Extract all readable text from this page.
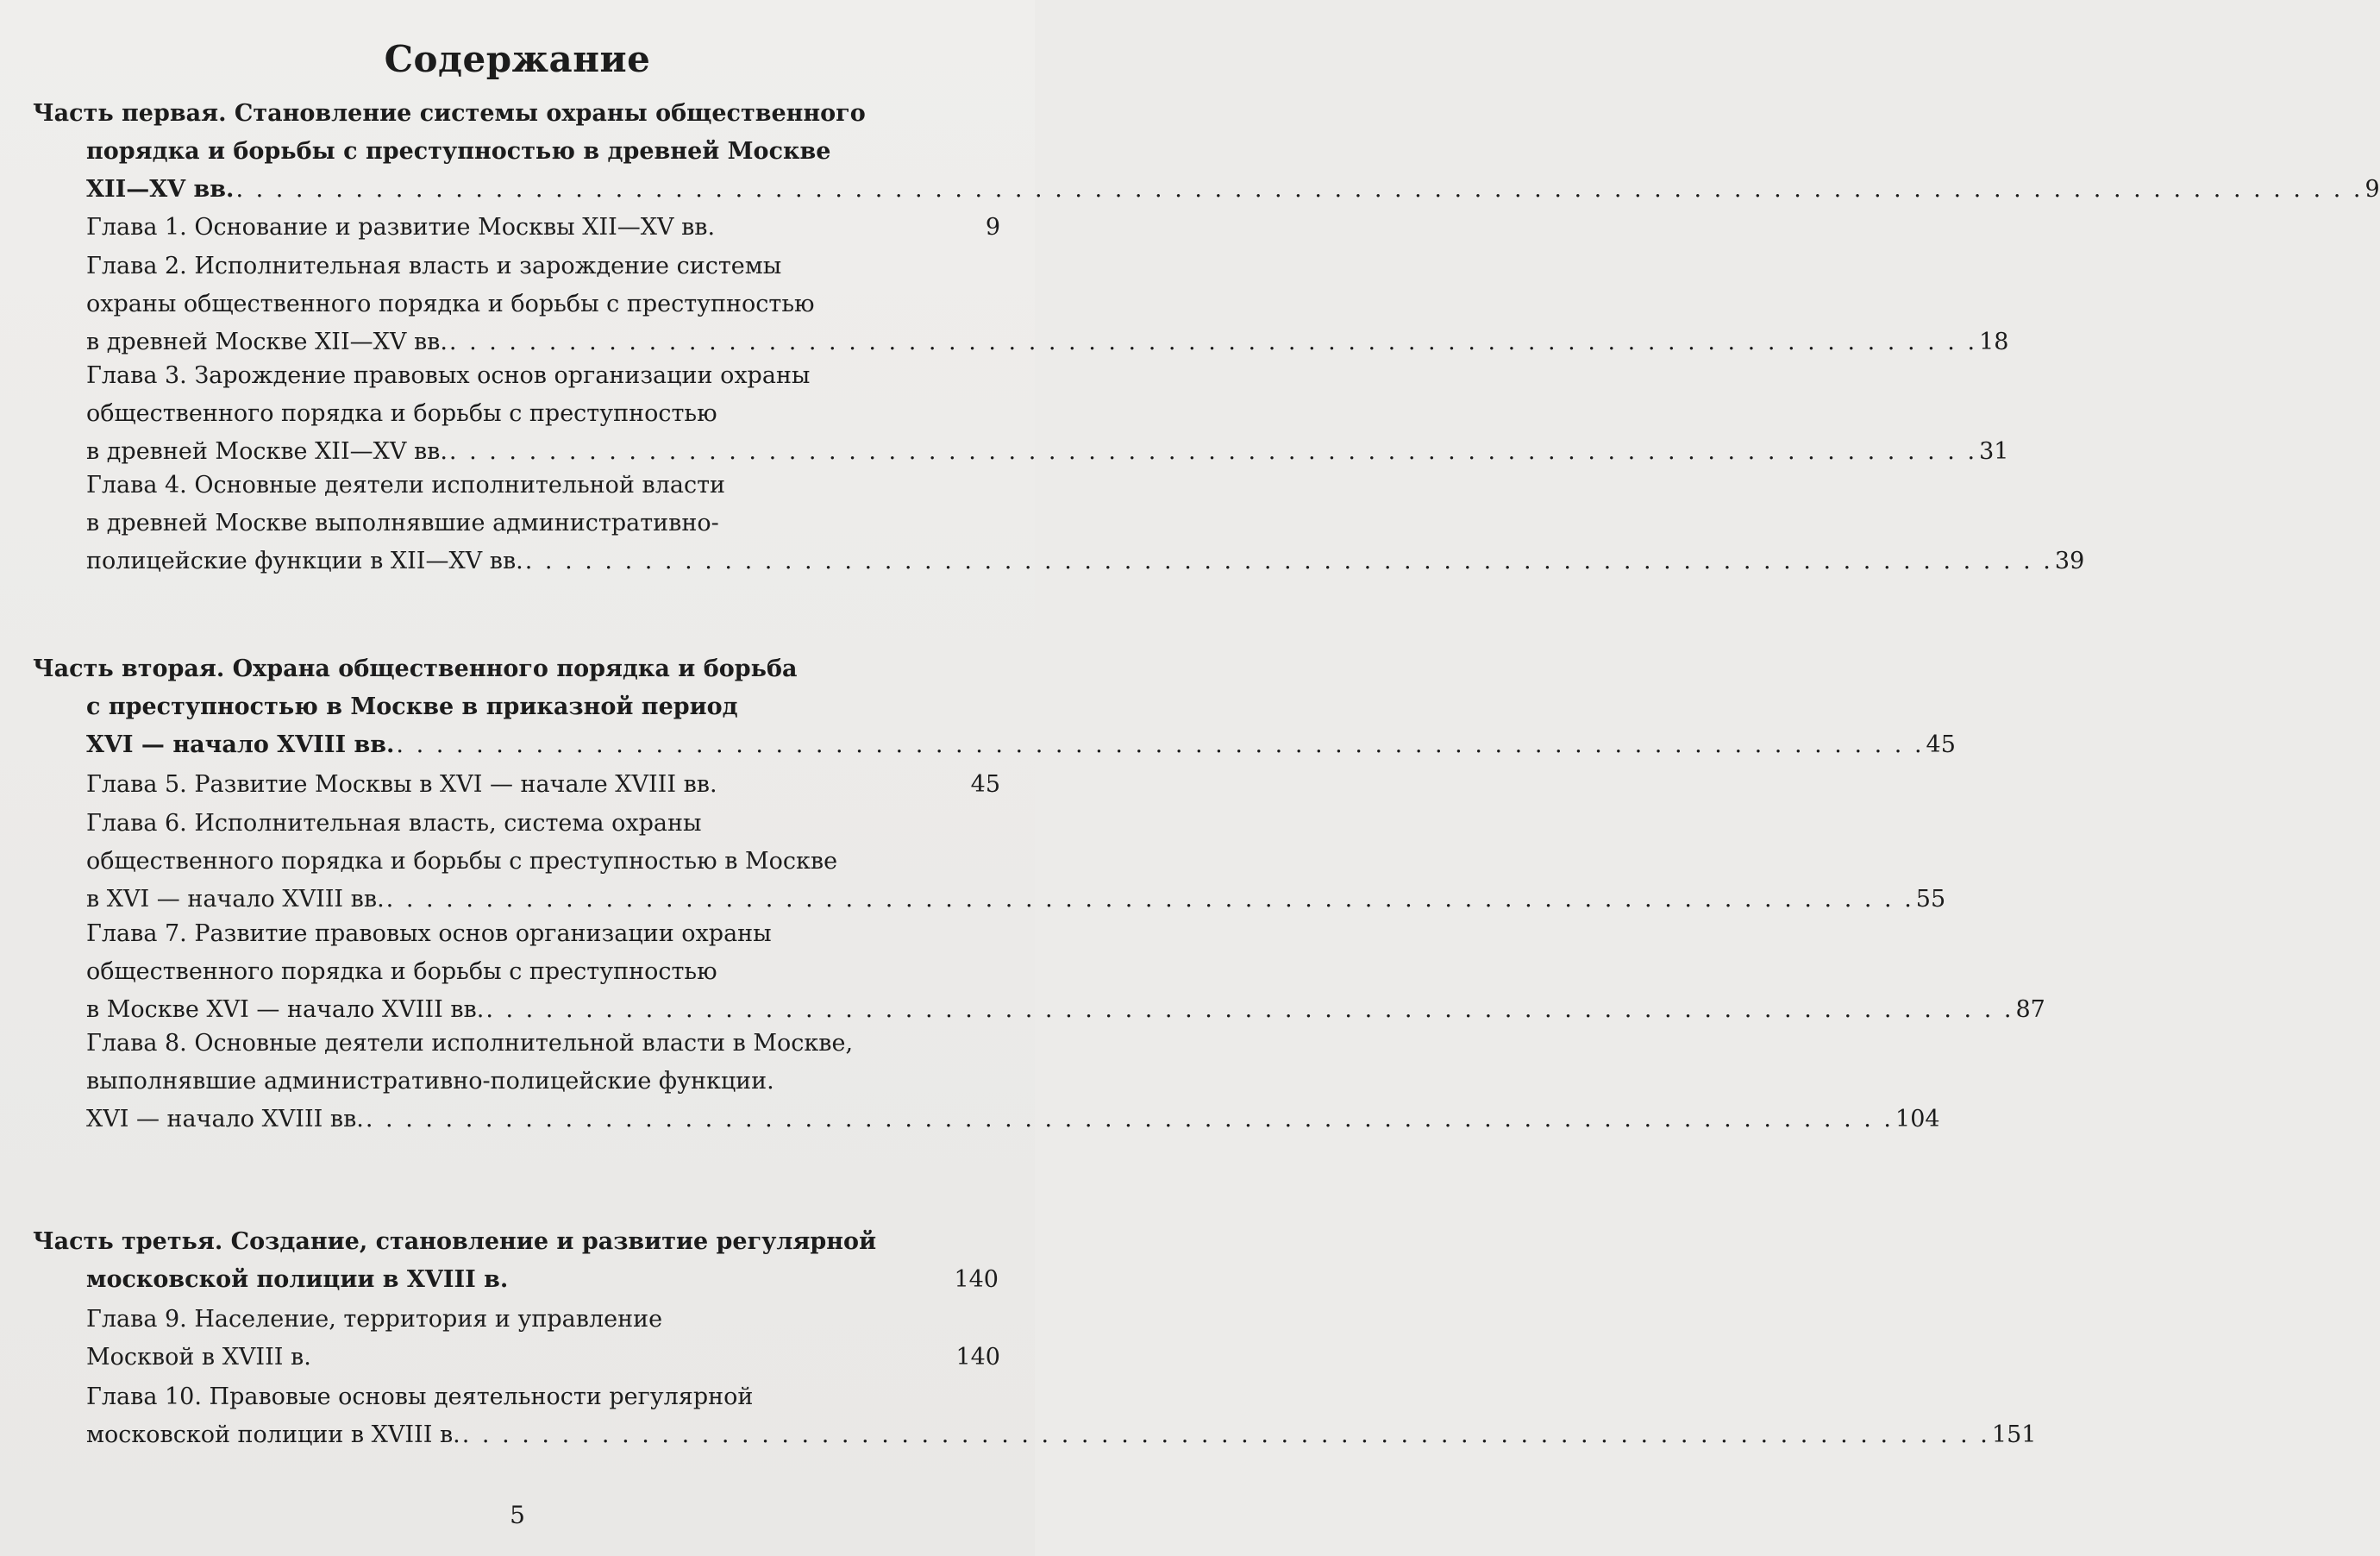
Содержание
Часть первая. Становление системы охраны общественного
порядка и борьбы с преступностью в древней Москве
XII—XV вв. . . . . . . . . . . . . . . . . . . . . . . . . . . . . . . . . . . . . . . . . . . . . . . . . . . . . . . . . . . . . . . . . . . . . . . . . . . . . . . . . . . . . . . . . . . . . . . . . . . . . . . . . . . . 9
Глава 1. Основание и развитие Москвы XII—XV вв.	9
Глава 2. Исполнительная власть и зарождение системы
охраны общественного порядка и борьбы с преступностью
в древней Москве XII—XV вв. . . . . . . . . . . . . . . . . . . . . . . . . . . . . . . . . . . . . . . . . . . . . . . . . . . . . . . . . . . . . . . . . . . . . . . . . . . . . . 18
Глава 3. Зарождение правовых основ организации охраны
общественного порядка и борьбы с преступностью
в древней Москве XII—XV вв. . . . . . . . . . . . . . . . . . . . . . . . . . . . . . . . . . . . . . . . . . . . . . . . . . . . . . . . . . . . . . . . . . . . . . . . . . . . . . 31
Глава 4. Основные деятели исполнительной власти
в древней Москве выполнявшие административно-
полицейские функции в XII—XV вв. . . . . . . . . . . . . . . . . . . . . . . . . . . . . . . . . . . . . . . . . . . . . . . . . . . . . . . . . . . . . . . . . . . . . . . . . . . . . . 39
Часть вторая. Охрана общественного порядка и борьба
с преступностью в Москве в приказной период
XVI — начало XVIII вв. . . . . . . . . . . . . . . . . . . . . . . . . . . . . . . . . . . . . . . . . . . . . . . . . . . . . . . . . . . . . . . . . . . . . . . . . . . . . . 45
Глава 5. Развитие Москвы в XVI — начале XVIII вв.	45
Глава 6. Исполнительная власть, система охраны
общественного порядка и борьбы с преступностью в Москве
в XVI — начало XVIII вв. . . . . . . . . . . . . . . . . . . . . . . . . . . . . . . . . . . . . . . . . . . . . . . . . . . . . . . . . . . . . . . . . . . . . . . . . . . . . . 55
Глава 7. Развитие правовых основ организации охраны
общественного порядка и борьбы с преступностью
в Москве XVI — начало XVIII вв. . . . . . . . . . . . . . . . . . . . . . . . . . . . . . . . . . . . . . . . . . . . . . . . . . . . . . . . . . . . . . . . . . . . . . . . . . . . . . 87
Глава 8. Основные деятели исполнительной власти в Москве,
выполнявшие административно-полицейские функции.
XVI — начало XVIII вв. . . . . . . . . . . . . . . . . . . . . . . . . . . . . . . . . . . . . . . . . . . . . . . . . . . . . . . . . . . . . . . . . . . . . . . . . . . . . . 104
Часть третья. Создание, становление и развитие регулярной
московской полиции в XVIII в.	140
Глава 9. Население, территория и управление
Москвой в XVIII в.	140
Глава 10. Правовые основы деятельности регулярной
московской полиции в XVIII в. . . . . . . . . . . . . . . . . . . . . . . . . . . . . . . . . . . . . . . . . . . . . . . . . . . . . . . . . . . . . . . . . . . . . . . . . . . . . . 151
5
